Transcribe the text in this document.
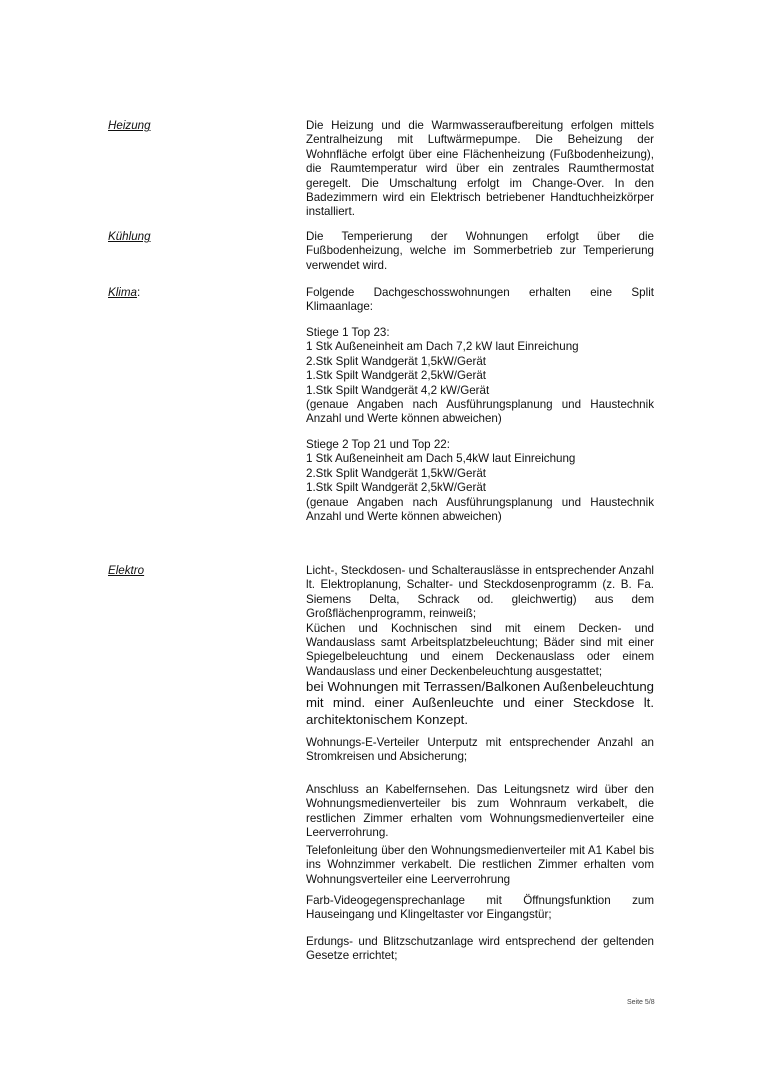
Heizung	Die Heizung und die Warmwasseraufbereitung erfolgen mittels Zentralheizung mit Luftwärmepumpe. Die Beheizung der Wohnfläche erfolgt über eine Flächenheizung (Fußbodenheizung), die Raumtemperatur wird über ein zentrales Raumthermostat geregelt. Die Umschaltung erfolgt im Change-Over. In den Badezimmern wird ein Elektrisch betriebener Handtuchheizkörper installiert.

Kühlung	Die Temperierung der Wohnungen erfolgt über die Fußbodenheizung, welche im Sommerbetrieb zur Temperierung verwendet wird.

Klima:	Folgende Dachgeschosswohnungen erhalten eine Split Klimaanlage:

Stiege 1 Top 23:

1 Stk Außeneinheit am Dach 7,2 kW laut Einreichung

2.Stk Split Wandgerät 1,5kW/Gerät

1.Stk Spilt Wandgerät 2,5kW/Gerät

1.Stk Spilt Wandgerät 4,2 kW/Gerät

(genaue Angaben nach Ausführungsplanung und Haustechnik Anzahl und Werte können abweichen)

Stiege 2 Top 21 und Top 22:

1 Stk Außeneinheit am Dach 5,4kW laut Einreichung

2.Stk Split Wandgerät 1,5kW/Gerät

1.Stk Spilt Wandgerät 2,5kW/Gerät

(genaue Angaben nach Ausführungsplanung und Haustechnik Anzahl und Werte können abweichen)

Elektro	Licht-, Steckdosen- und Schalterauslässe in entsprechender Anzahl lt. Elektroplanung, Schalter- und Steckdosenprogramm (z. B. Fa. Siemens Delta, Schrack od. gleichwertig) aus dem Großflächenprogramm, reinweiß;

Küchen und Kochnischen sind mit einem Decken- und Wandauslass samt Arbeitsplatzbeleuchtung; Bäder sind mit einer Spiegelbeleuchtung und einem Deckenauslass oder einem Wandauslass und einer Deckenbeleuchtung ausgestattet;

bei Wohnungen mit Terrassen/Balkonen Außenbeleuchtung mit mind. einer Außenleuchte und einer Steckdose lt. architektonischem Konzept.

Wohnungs-E-Verteiler Unterputz mit entsprechender Anzahl an Stromkreisen und Absicherung;

Anschluss an Kabelfernsehen. Das Leitungsnetz wird über den Wohnungsmedienverteiler bis zum Wohnraum verkabelt, die restlichen Zimmer erhalten vom Wohnungsmedienverteiler eine Leerverrohrung.

Telefonleitung über den Wohnungsmedienverteiler mit A1 Kabel bis ins Wohnzimmer verkabelt. Die restlichen Zimmer erhalten vom Wohnungsverteiler eine Leerverrohrung

Farb-Videogegensprechanlage mit Öffnungsfunktion zum Hauseingang und Klingeltaster vor Eingangstür;

Erdungs- und Blitzschutzanlage wird entsprechend der geltenden Gesetze errichtet;

Seite 5/8
